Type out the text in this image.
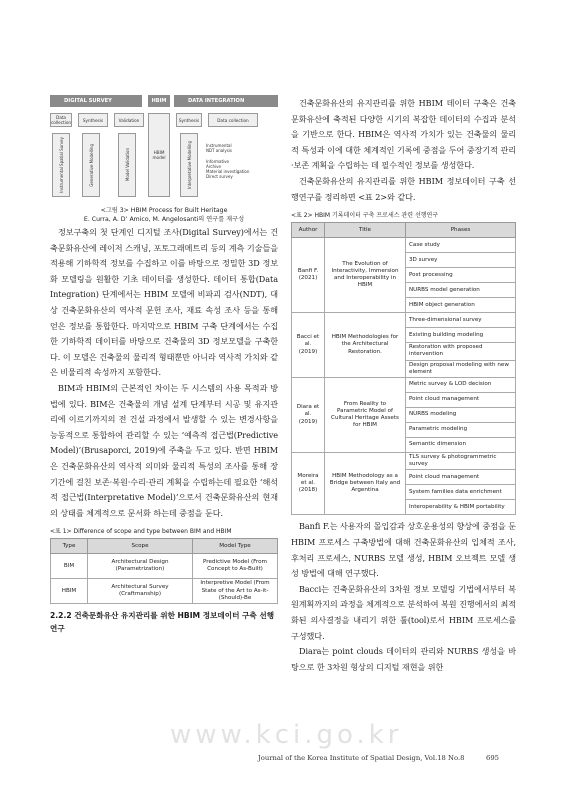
www.kci.go.kr
DIGITAL SURVEY	HBIM	DATA INTEGRATION
Data collection	Synthesis	Validation
HBIM model
Synthesis	Data collection
Instrumental Spatial Survey	Generative Modelling	Model Validation	Interpretative Modelling	Instrumental
NDT analysis

Informative
Archive
Material investigation
Direct survey
<그림 3> HBIM Process for Built Heritage
E. Curra, A. D’ Amico, M. Angelosanti의 연구를 재구성

정보구축의 첫 단계인 디지털 조사(Digital Survey)에서는 건축문화유산에 레이저 스캐닝, 포토그래메트리 등의 계측 기술들을 적용해 기하학적 정보를 수집하고 이를 바탕으로 정밀한 3D 정보화 모델링을 원활한 기초 데이터를 생성한다. 데이터 통합(Data Integration) 단계에서는 HBIM 모델에 비파괴 검사(NDT), 대상 건축문화유산의 역사적 문헌 조사, 재료 속성 조사 등을 통해 얻은 정보를 통합한다. 마지막으로 HBIM 구축 단계에서는 수집한 기하학적 데이터를 바탕으로 건축물의 3D 정보모델을 구축한다. 이 모델은 건축물의 물리적 형태뿐만 아니라 역사적 가치와 같은 비물리적 속성까지 포함한다.

BIM과 HBIM의 근본적인 차이는 두 시스템의 사용 목적과 방법에 있다. BIM은 건축물의 개념 설계 단계부터 시공 및 유지관리에 이르기까지의 전 건설 과정에서 발생할 수 있는 변경사항을 능동적으로 통합하여 관리할 수 있는 ‘예측적 접근법(Predictive Model)’(Brusaporci, 2019)에 주축을 두고 있다. 반면 HBIM은 건축문화유산의 역사적 의미와 물리적 특성의 조사를 통해 장기간에 걸친 보존·복원·수리·관리 계획을 수립하는데 필요한 ‘해석적 접근법(Interpretative Model)’으로서 건축문화유산의 현재의 상태를 체계적으로 문서화 하는데 중점을 둔다.

<표 1> Difference of scope and type between BIM and HBIM
Type	Scope	Model Type
BIM	Architectural Design (Parametrization)	Predictive Model (From Concept to As-Built)
HBIM	Architectural Survey (Craftmanship)	Interpretive Model (From State of the Art to As-it-(Should)-Be
2.2.2 건축문화유산 유지관리를 위한 HBIM 정보데이터 구축 선행연구

건축문화유산의 유지관리를 위한 HBIM 데이터 구축은 건축문화유산에 축적된 다양한 시기의 복잡한 데이터의 수집과 분석을 기반으로 한다. HBIM은 역사적 가치가 있는 건축물의 물리적 특성과 이에 대한 체계적인 기록에 중점을 두어 중장기적 관리·보존 계획을 수립하는 데 필수적인 정보를 생성한다.

건축문화유산의 유지관리를 위한 HBIM 정보데이터 구축 선행연구를 정리하면 <표 2>와 같다.

<표 2> HBIM 기록데이터 구축 프로세스 관련 선행연구
Author	Title	Phases
Banfi F. (2021)	The Evolution of Interactivity, Immersion and Interoperability in HBIM	Case study
		3D survey
		Post processing
		NURBS model generation
		HBIM object generation
Bacci et al. (2019)	HBIM Methodologies for the Architectural Restoration.	Three-dimensional survey
		Existing building modeling
		Restoration with proposed intervention
		Design proposal modeling with new element
Diara et al. (2019)	From Reality to Parametric Model of Cultural Heritage Assets for HBIM	Metric survey & LOD decision
		Point cloud management
		NURBS modeling
		Parametric modeling
		Semantic dimension
Moreira et al. (2018)	HBIM Methodology as a Bridge between Italy and Argentina	TLS survey & photogrammetric survey
		Point cloud management
		System families data enrichment
		Interoperability & HBIM portability

Banfi F.는 사용자의 몰입감과 상호운용성의 향상에 중점을 둔 HBIM 프로세스 구축방법에 대해 건축문화유산의 입체적 조사, 후처리 프로세스, NURBS 모델 생성, HBIM 오브젝트 모델 생성 방법에 대해 연구했다.

Bacci는 건축문화유산의 3차원 정보 모델링 기법에서부터 복원계획까지의 과정을 체계적으로 분석하여 복원 진행에서의 최적화된 의사결정을 내리기 위한 툴(tool)로서 HBIM 프로세스를 구성했다.

Diara는 point clouds 데이터의 관리와 NURBS 생성을 바탕으로 한 3차원 형상의 디지털 재현을 위한

Journal of the Korea Institute of Spatial Design, Vol.18 No.8	695
